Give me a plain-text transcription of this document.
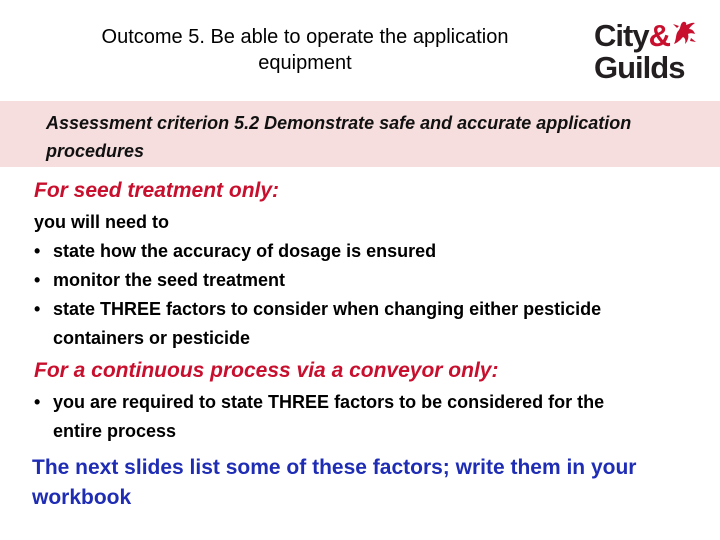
Outcome 5. Be able to operate the application
equipment
City &
Guilds
Assessment criterion 5.2 Demonstrate safe and accurate application procedures
For seed treatment only:
you will need to
• state how the accuracy of dosage is ensured
• monitor the seed treatment
• state THREE factors to consider when changing either pesticide containers or pesticide
For a continuous process via a conveyor only:
• you are required to state THREE factors to be considered for the entire process
The next slides list some of these factors; write them in your workbook
